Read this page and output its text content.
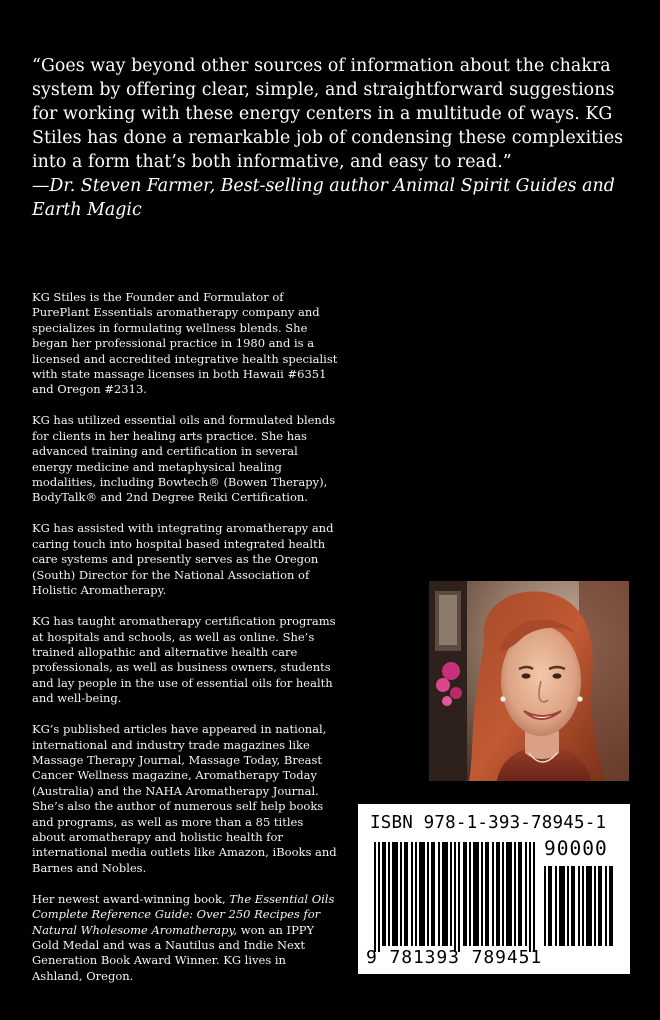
“Goes way beyond other sources of information about the chakra system by offering clear, simple, and straightforward suggestions for working with these energy centers in a multitude of ways. KG Stiles has done a remarkable job of condensing these complexities into a form that’s both informative, and easy to read.”

—Dr. Steven Farmer, Best-selling author Animal Spirit Guides and Earth Magic

KG Stiles is the Founder and Formulator of PurePlant Essentials aromatherapy company and specializes in formulating wellness blends. She began her professional practice in 1980 and is a licensed and accredited integrative health specialist with state massage licenses in both Hawaii #6351 and Oregon #2313.

KG has utilized essential oils and formulated blends for clients in her healing arts practice. She has advanced training and certification in several energy medicine and metaphysical healing modalities, including Bowtech® (Bowen Therapy), BodyTalk® and 2nd Degree Reiki Certification.

KG has assisted with integrating aromatherapy and caring touch into hospital based integrated health care systems and presently serves as the Oregon (South) Director for the National Association of Holistic Aromatherapy.

KG has taught aromatherapy certification programs at hospitals and schools, as well as online. She’s trained allopathic and alternative health care professionals, as well as business owners, students and lay people in the use of essential oils for health and well-being.

KG’s published articles have appeared in national, international and industry trade magazines like Massage Therapy Journal, Massage Today, Breast Cancer Wellness magazine, Aromatherapy Today (Australia) and the NAHA Aromatherapy Journal. She’s also the author of numerous self help books and programs, as well as more than a 85 titles about aromatherapy and holistic health for international media outlets like Amazon, iBooks and Barnes and Nobles.

Her newest award-winning book, The Essential Oils Complete Reference Guide: Over 250 Recipes for Natural Wholesome Aromatherapy, won an IPPY Gold Medal and was a Nautilus and Indie Next Generation Book Award Winner. KG lives in Ashland, Oregon.

ISBN 978-1-393-78945-1
90000
9 781393 789451
